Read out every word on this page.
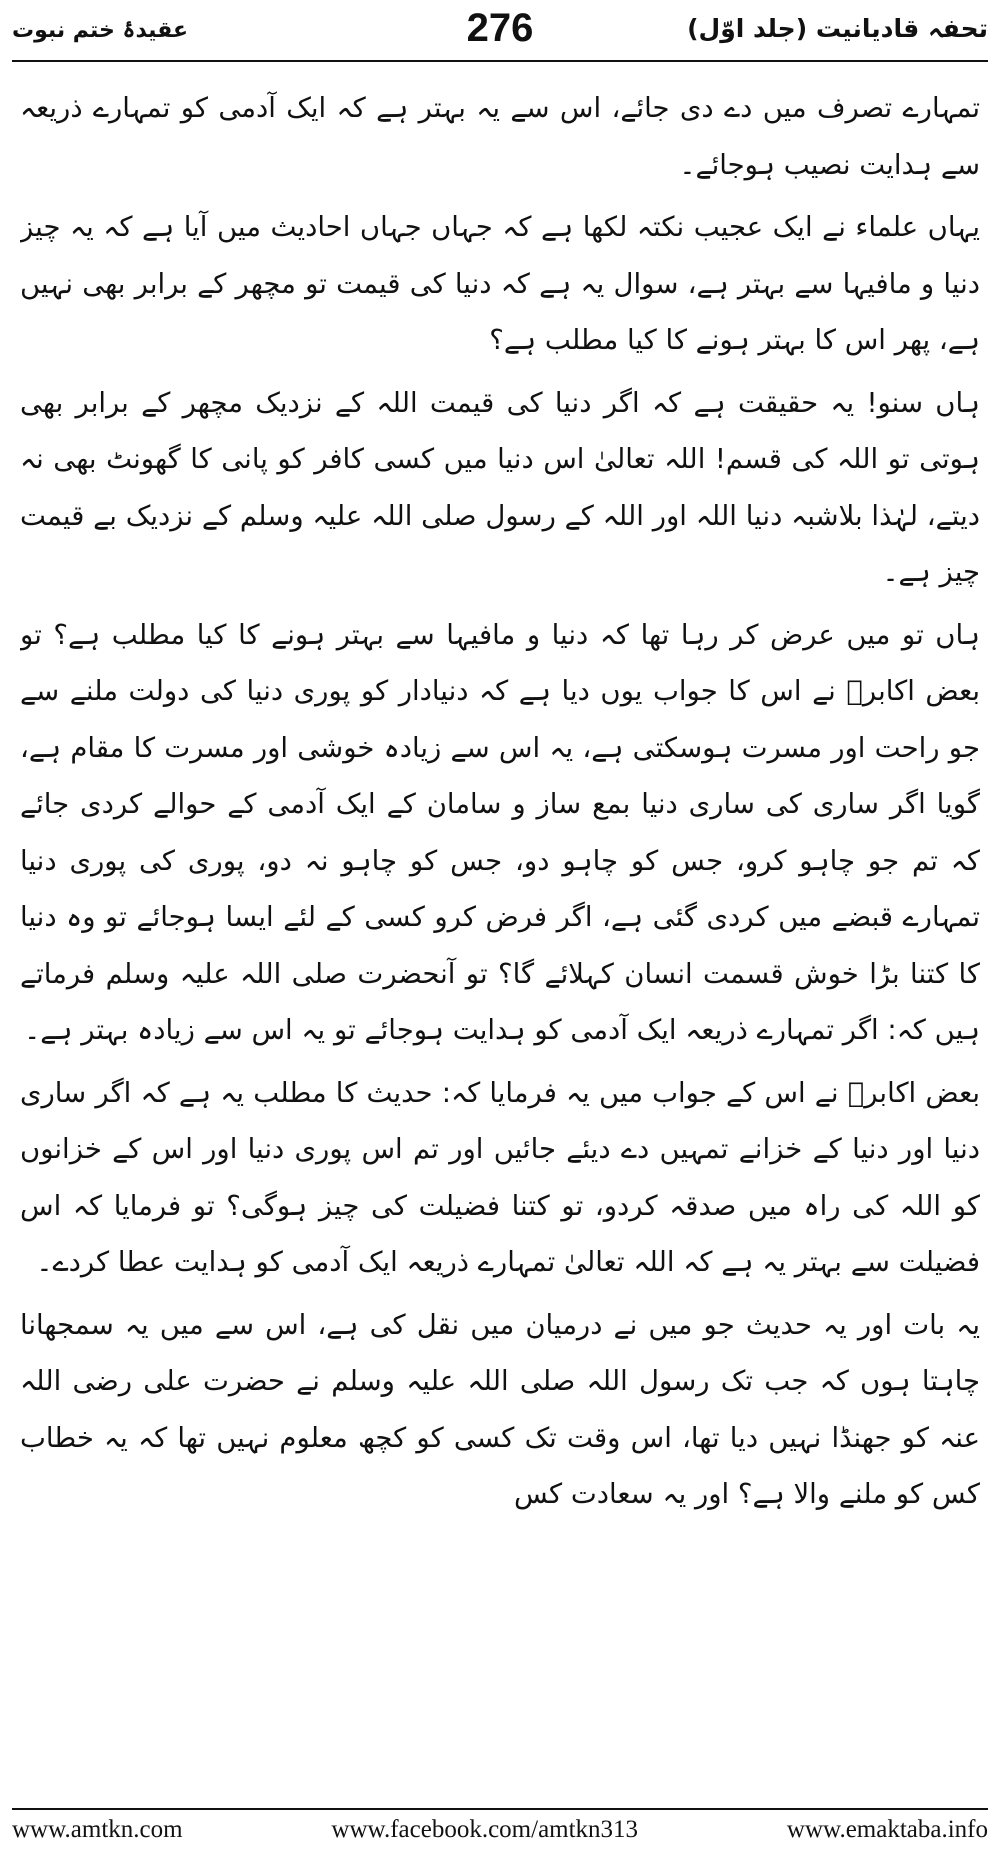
تحفہ قادیانیت (جلد اوّل)
276
عقیدۂ ختم نبوت

تمہارے تصرف میں دے دی جائے، اس سے یہ بہتر ہے کہ ایک آدمی کو تمہارے ذریعہ سے ہدایت نصیب ہوجائے۔

یہاں علماء نے ایک عجیب نکتہ لکھا ہے کہ جہاں جہاں احادیث میں آیا ہے کہ یہ چیز دنیا و مافیہا سے بہتر ہے، سوال یہ ہے کہ دنیا کی قیمت تو مچھر کے برابر بھی نہیں ہے، پھر اس کا بہتر ہونے کا کیا مطلب ہے؟

ہاں سنو! یہ حقیقت ہے کہ اگر دنیا کی قیمت اللہ کے نزدیک مچھر کے برابر بھی ہوتی تو اللہ کی قسم! اللہ تعالیٰ اس دنیا میں کسی کافر کو پانی کا گھونٹ بھی نہ دیتے، لہٰذا بلاشبہ دنیا اللہ اور اللہ کے رسول صلی اللہ علیہ وسلم کے نزدیک بے قیمت چیز ہے۔

ہاں تو میں عرض کر رہا تھا کہ دنیا و مافیہا سے بہتر ہونے کا کیا مطلب ہے؟ تو بعض اکابرؒ نے اس کا جواب یوں دیا ہے کہ دنیادار کو پوری دنیا کی دولت ملنے سے جو راحت اور مسرت ہوسکتی ہے، یہ اس سے زیادہ خوشی اور مسرت کا مقام ہے، گویا اگر ساری کی ساری دنیا بمع ساز و سامان کے ایک آدمی کے حوالے کردی جائے کہ تم جو چاہو کرو، جس کو چاہو دو، جس کو چاہو نہ دو، پوری کی پوری دنیا تمہارے قبضے میں کردی گئی ہے، اگر فرض کرو کسی کے لئے ایسا ہوجائے تو وہ دنیا کا کتنا بڑا خوش قسمت انسان کہلائے گا؟ تو آنحضرت صلی اللہ علیہ وسلم فرماتے ہیں کہ: اگر تمہارے ذریعہ ایک آدمی کو ہدایت ہوجائے تو یہ اس سے زیادہ بہتر ہے۔

بعض اکابرؒ نے اس کے جواب میں یہ فرمایا کہ: حدیث کا مطلب یہ ہے کہ اگر ساری دنیا اور دنیا کے خزانے تمہیں دے دیئے جائیں اور تم اس پوری دنیا اور اس کے خزانوں کو اللہ کی راہ میں صدقہ کردو، تو کتنا فضیلت کی چیز ہوگی؟ تو فرمایا کہ اس فضیلت سے بہتر یہ ہے کہ اللہ تعالیٰ تمہارے ذریعہ ایک آدمی کو ہدایت عطا کردے۔

یہ بات اور یہ حدیث جو میں نے درمیان میں نقل کی ہے، اس سے میں یہ سمجھانا چاہتا ہوں کہ جب تک رسول اللہ صلی اللہ علیہ وسلم نے حضرت علی رضی اللہ عنہ کو جھنڈا نہیں دیا تھا، اس وقت تک کسی کو کچھ معلوم نہیں تھا کہ یہ خطاب کس کو ملنے والا ہے؟ اور یہ سعادت کس

www.amtkn.com	www.facebook.com/amtkn313	www.emaktaba.info
